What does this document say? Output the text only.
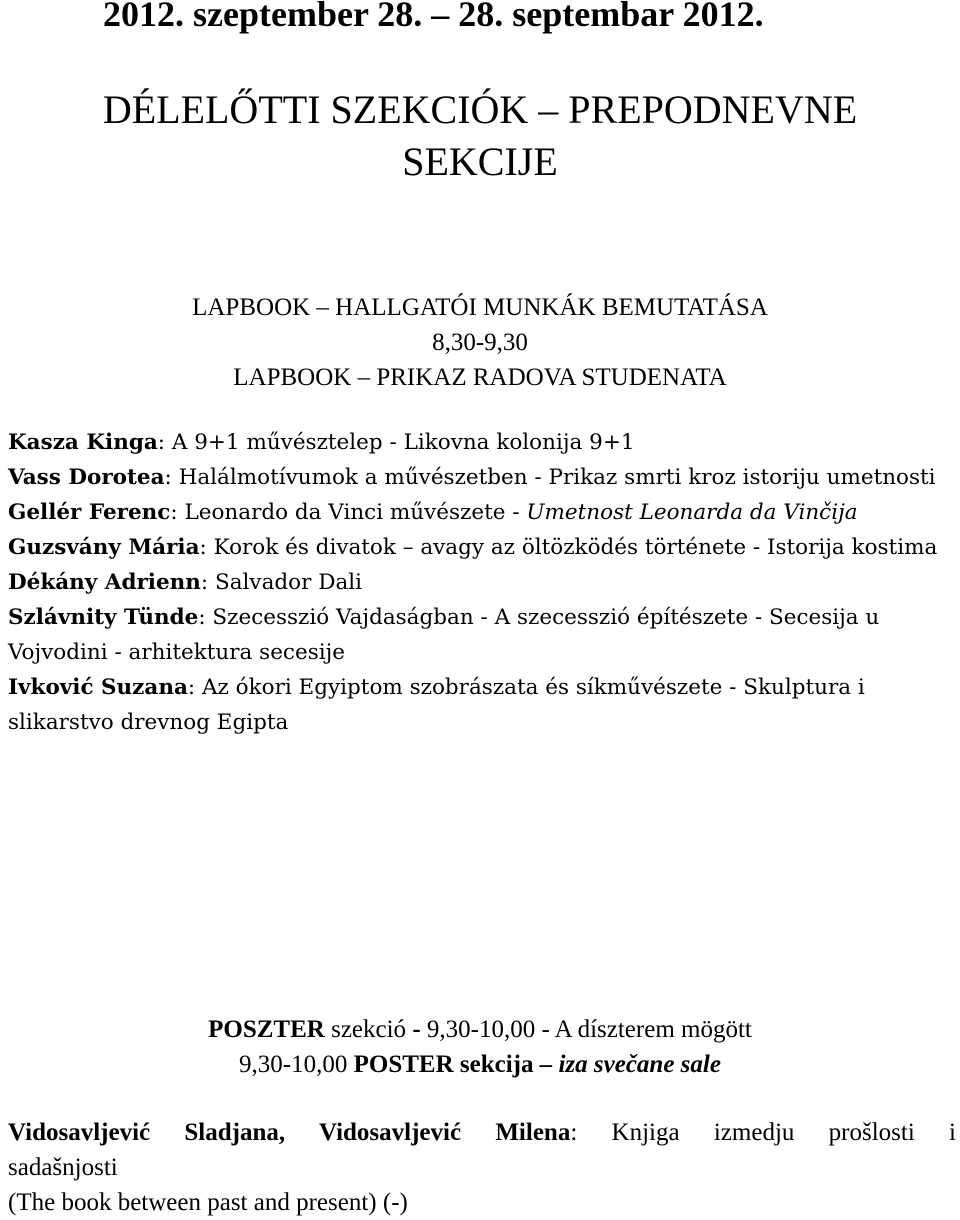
2012. szeptember 28. – 28. septembar 2012.
DÉLELŐTTI SZEKCIÓK – PREPODNEVNE
SEKCIJE
LAPBOOK – HALLGATÓI MUNKÁK BEMUTATÁSA
8,30-9,30
LAPBOOK – PRIKAZ RADOVA STUDENATA
Kasza Kinga: A 9+1 művésztelep - Likovna kolonija 9+1
Vass Dorotea: Halálmotívumok a művészetben - Prikaz smrti kroz istoriju umetnosti
Gellér Ferenc: Leonardo da Vinci művészete - Umetnost Leonarda da Vinčija
Guzsvány Mária: Korok és divatok – avagy az öltözködés története - Istorija kostima
Dékány Adrienn: Salvador Dali
Szlávnity Tünde: Szecesszió Vajdaságban - A szecesszió építészete - Secesija u Vojvodini - arhitektura secesije
Ivković Suzana: Az ókori Egyiptom szobrászata és síkművészete - Skulptura i slikarstvo drevnog Egipta
POSZTER szekció - 9,30-10,00 - A díszterem mögött
9,30-10,00 POSTER sekcija – iza svečane sale
Vidosavljević Sladjana, Vidosavljević Milena: Knjiga izmedju prošlosti i
sadašnjosti
(The book between past and present) (-)
